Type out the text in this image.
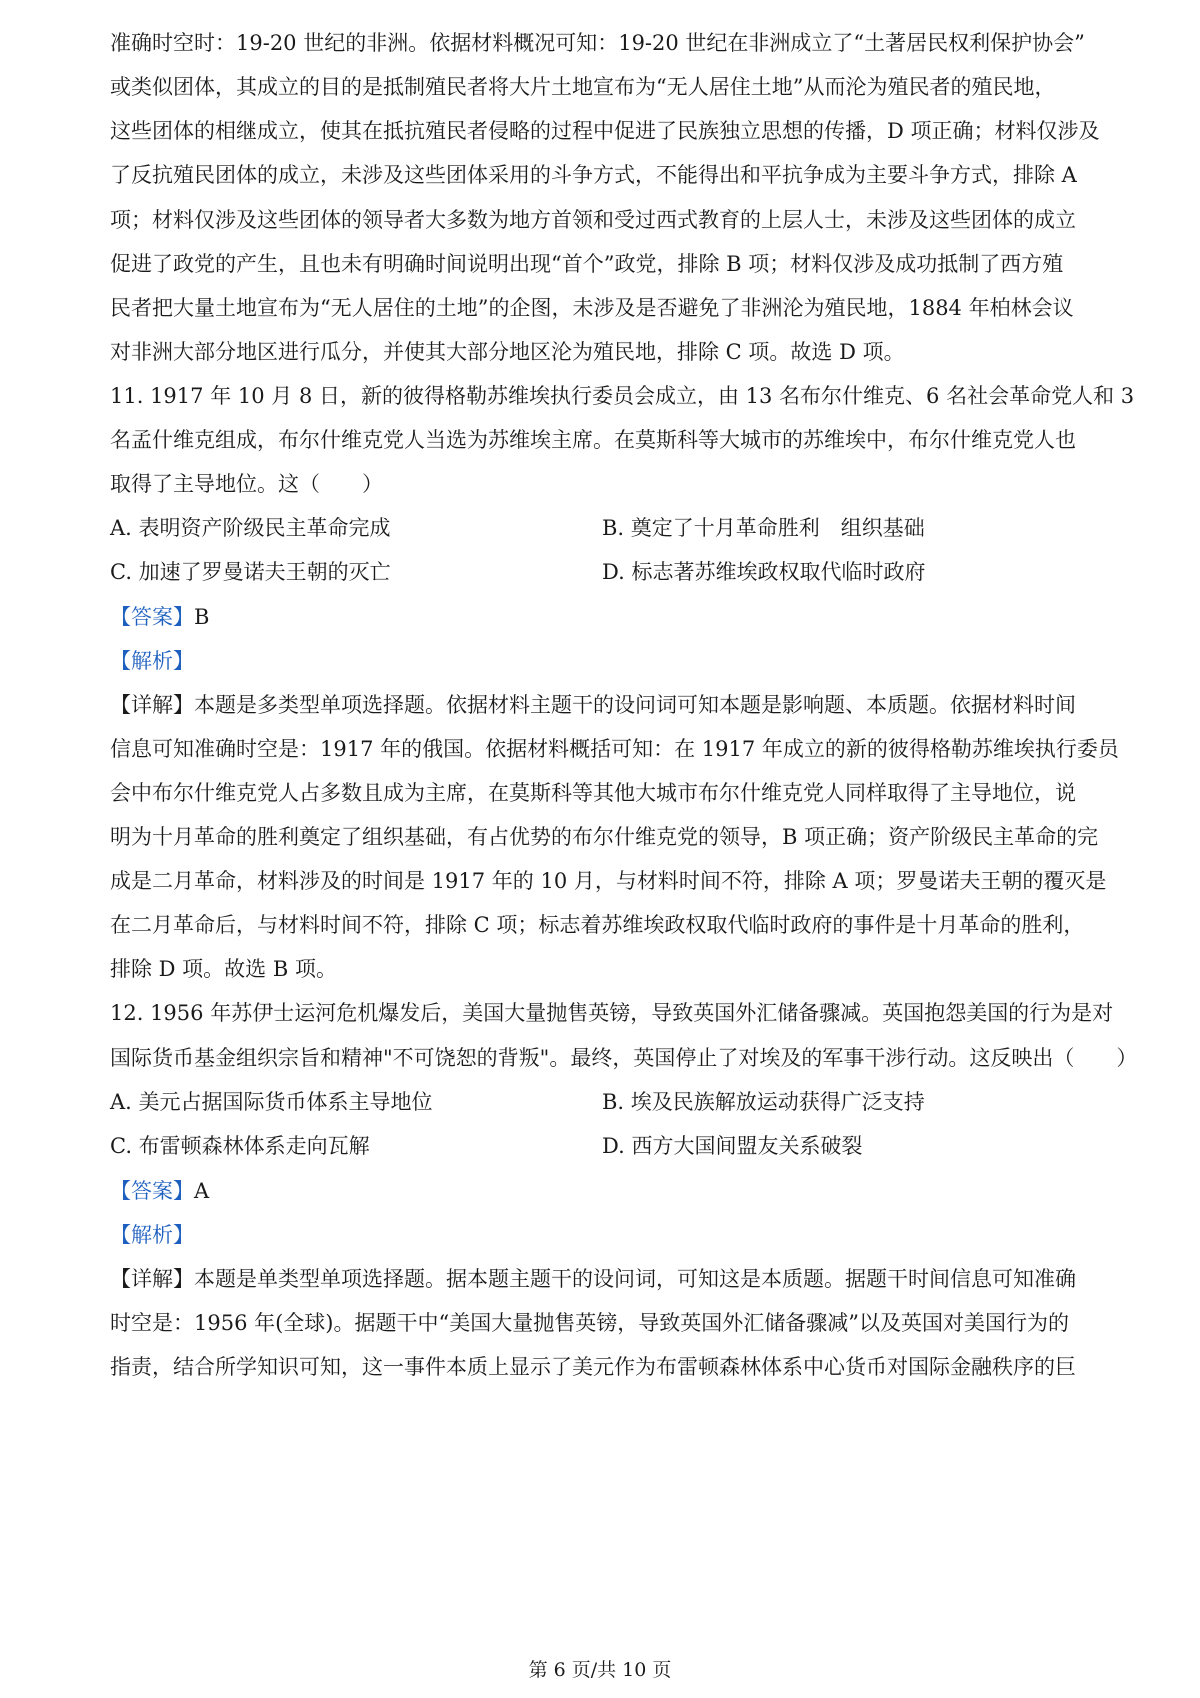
准确时空时：19-20 世纪的非洲。依据材料概况可知：19-20 世纪在非洲成立了“土著居民权利保护协会”
或类似团体，其成立的目的是抵制殖民者将大片土地宣布为“无人居住土地”从而沦为殖民者的殖民地，
这些团体的相继成立，使其在抵抗殖民者侵略的过程中促进了民族独立思想的传播，D 项正确；材料仅涉及
了反抗殖民团体的成立，未涉及这些团体采用的斗争方式，不能得出和平抗争成为主要斗争方式，排除 A
项；材料仅涉及这些团体的领导者大多数为地方首领和受过西式教育的上层人士，未涉及这些团体的成立
促进了政党的产生，且也未有明确时间说明出现“首个”政党，排除 B 项；材料仅涉及成功抵制了西方殖
民者把大量土地宣布为“无人居住的土地”的企图，未涉及是否避免了非洲沦为殖民地，1884 年柏林会议
对非洲大部分地区进行瓜分，并使其大部分地区沦为殖民地，排除 C 项。故选 D 项。
11. 1917 年 10 月 8 日，新的彼得格勒苏维埃执行委员会成立，由 13 名布尔什维克、6 名社会革命党人和 3
名孟什维克组成，布尔什维克党人当选为苏维埃主席。在莫斯科等大城市的苏维埃中，布尔什维克党人也
取得了主导地位。这（　　）
A. 表明资产阶级民主革命完成	B. 奠定了十月革命胜利　组织基础
C. 加速了罗曼诺夫王朝的灭亡	D. 标志著苏维埃政权取代临时政府
【答案】B
【解析】
【详解】本题是多类型单项选择题。依据材料主题干的设问词可知本题是影响题、本质题。依据材料时间
信息可知准确时空是：1917 年的俄国。依据材料概括可知：在 1917 年成立的新的彼得格勒苏维埃执行委员
会中布尔什维克党人占多数且成为主席，在莫斯科等其他大城市布尔什维克党人同样取得了主导地位，说
明为十月革命的胜利奠定了组织基础，有占优势的布尔什维克党的领导，B 项正确；资产阶级民主革命的完
成是二月革命，材料涉及的时间是 1917 年的 10 月，与材料时间不符，排除 A 项；罗曼诺夫王朝的覆灭是
在二月革命后，与材料时间不符，排除 C 项；标志着苏维埃政权取代临时政府的事件是十月革命的胜利，
排除 D 项。故选 B 项。
12. 1956 年苏伊士运河危机爆发后，美国大量抛售英镑，导致英国外汇储备骤减。英国抱怨美国的行为是对
国际货币基金组织宗旨和精神"不可饶恕的背叛"。最终，英国停止了对埃及的军事干涉行动。这反映出（　　）
A. 美元占据国际货币体系主导地位	B. 埃及民族解放运动获得广泛支持
C. 布雷顿森林体系走向瓦解	D. 西方大国间盟友关系破裂
【答案】A
【解析】
【详解】本题是单类型单项选择题。据本题主题干的设问词，可知这是本质题。据题干时间信息可知准确
时空是：1956 年(全球)。据题干中“美国大量抛售英镑，导致英国外汇储备骤减”以及英国对美国行为的
指责，结合所学知识可知，这一事件本质上显示了美元作为布雷顿森林体系中心货币对国际金融秩序的巨
第 6 页/共 10 页
